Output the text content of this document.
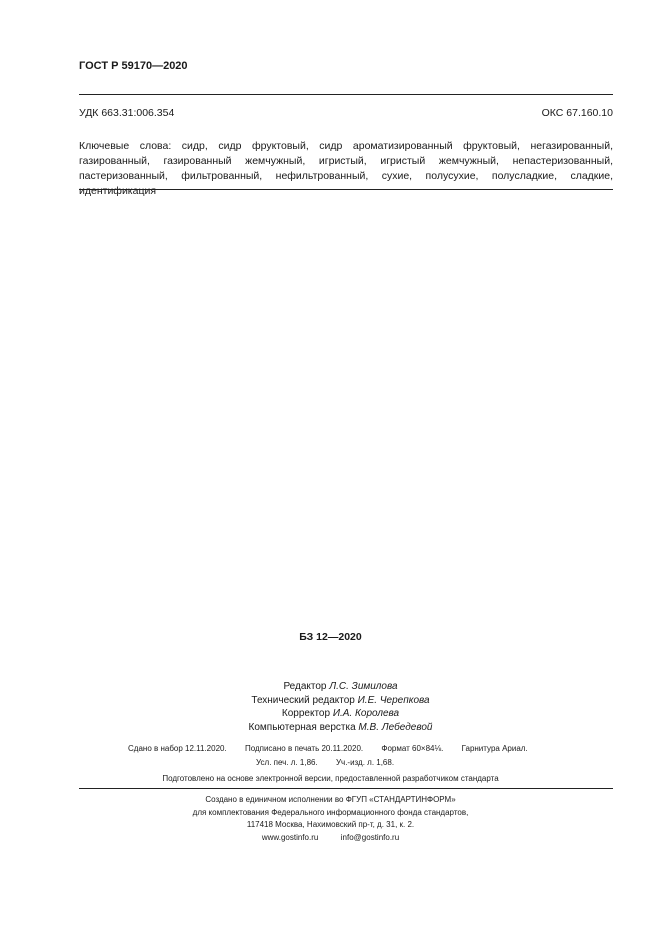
ГОСТ Р 59170—2020
УДК 663.31:006.354	ОКС 67.160.10
Ключевые слова: сидр, сидр фруктовый, сидр ароматизированный фруктовый, негазированный, газированный, газированный жемчужный, игристый, игристый жемчужный, непастеризованный, пастеризованный, фильтрованный, нефильтрованный, сухие, полусухие, полусладкие, сладкие, идентификация
БЗ 12—2020
Редактор Л.С. Зимилова
Технический редактор И.Е. Черепкова
Корректор И.А. Королева
Компьютерная верстка М.В. Лебедевой
Сдано в набор 12.11.2020. Подписано в печать 20.11.2020. Формат 60×84⅛. Гарнитура Ариал.
Усл. печ. л. 1,86. Уч.-изд. л. 1,68.
Подготовлено на основе электронной версии, предоставленной разработчиком стандарта
Создано в единичном исполнении во ФГУП «СТАНДАРТИНФОРМ»
для комплектования Федерального информационного фонда стандартов,
117418 Москва, Нахимовский пр-т, д. 31, к. 2.
www.gostinfo.ru	info@gostinfo.ru
